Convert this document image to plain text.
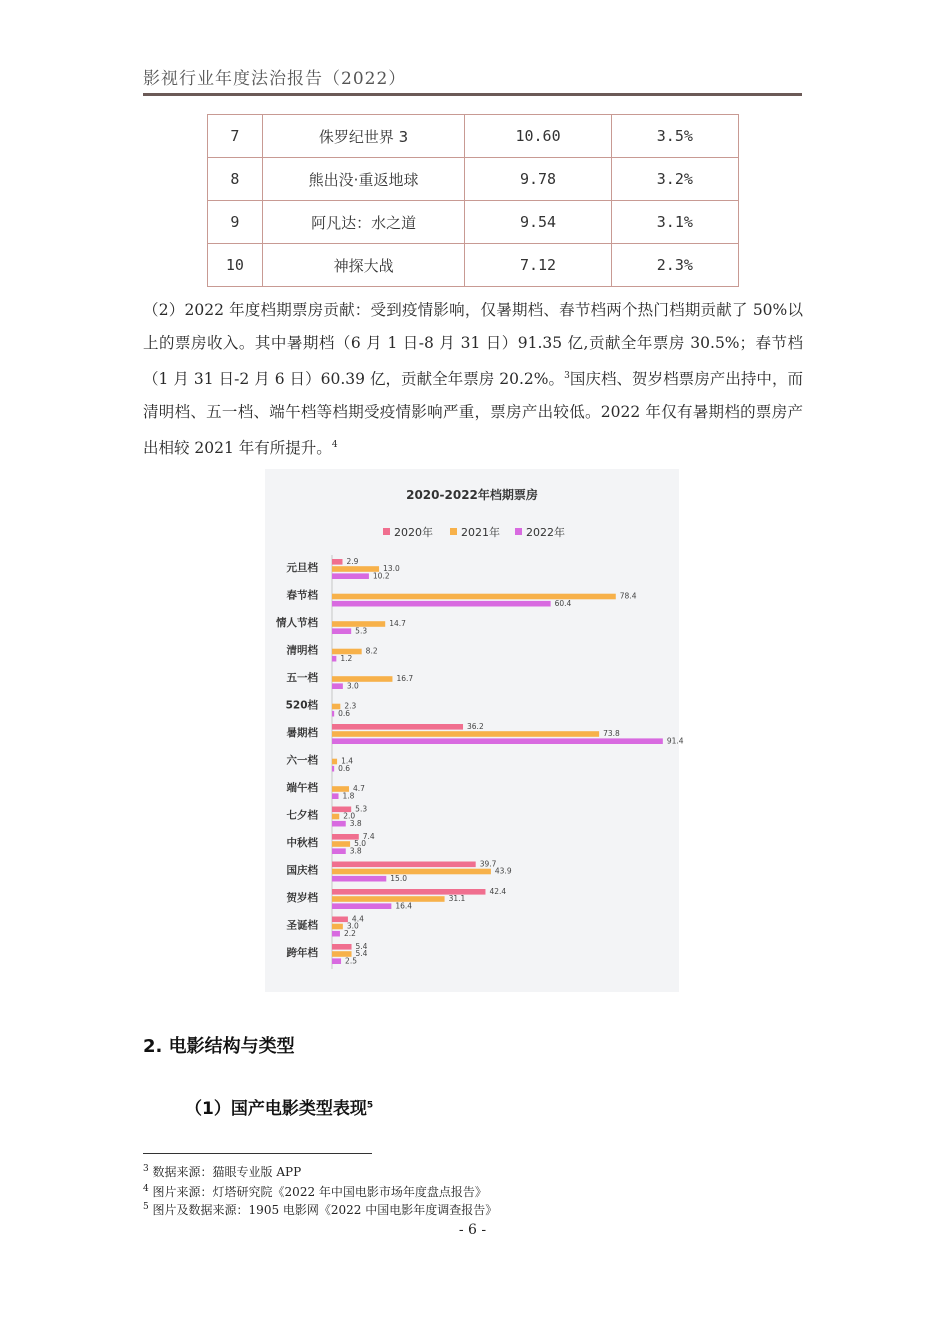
影视行业年度法治报告（2022）
7	侏罗纪世界 3	10.60	3.5%
8	熊出没·重返地球	9.78	3.2%
9	阿凡达：水之道	9.54	3.1%
10	神探大战	7.12	2.3%
（2）2022 年度档期票房贡献：受到疫情影响，仅暑期档、春节档两个热门档期贡献了 50%以上的票房收入。其中暑期档（6 月 1 日-8 月 31 日）91.35 亿,贡献全年票房 30.5%；春节档（1 月 31 日-2 月 6 日）60.39 亿，贡献全年票房 20.2%。$^3$国庆档、贺岁档票房产出持中，而清明档、五一档、端午档等档期受疫情影响严重，票房产出较低。2022 年仅有暑期档的票房产出相较 2021 年有所提升。$^4$
2020-2022年档期票房
2020年	2021年 2022年
元旦档
2.9
13.0
10.2
春节档	78.4
60.4
情人节档	14.7
5.3
清明档	8.2
1.2
五一档	16.7
3.0
520档	2.3
0.6
暑期档
36.2
73.8
91.4
六一档	1.4
0.6
端午档	4.7
1.8
七夕档
5.3
2.0
3.8
中秋档
7.4
5.0
3.8
国庆档
39.7
43.9
15.0
贺岁档
42.4
31.1
16.4
圣诞档
4.4
3.0
2.2
跨年档
5.4
5.4
2.5
2. 电影结构与类型
（1）国产电影类型表现$^5$
$^3$ 数据来源：猫眼专业版 APP
$^4$ 图片来源：灯塔研究院《2022 年中国电影市场年度盘点报告》
$^5$ 图片及数据来源：1905 电影网《2022 中国电影年度调查报告》
- 6 -
